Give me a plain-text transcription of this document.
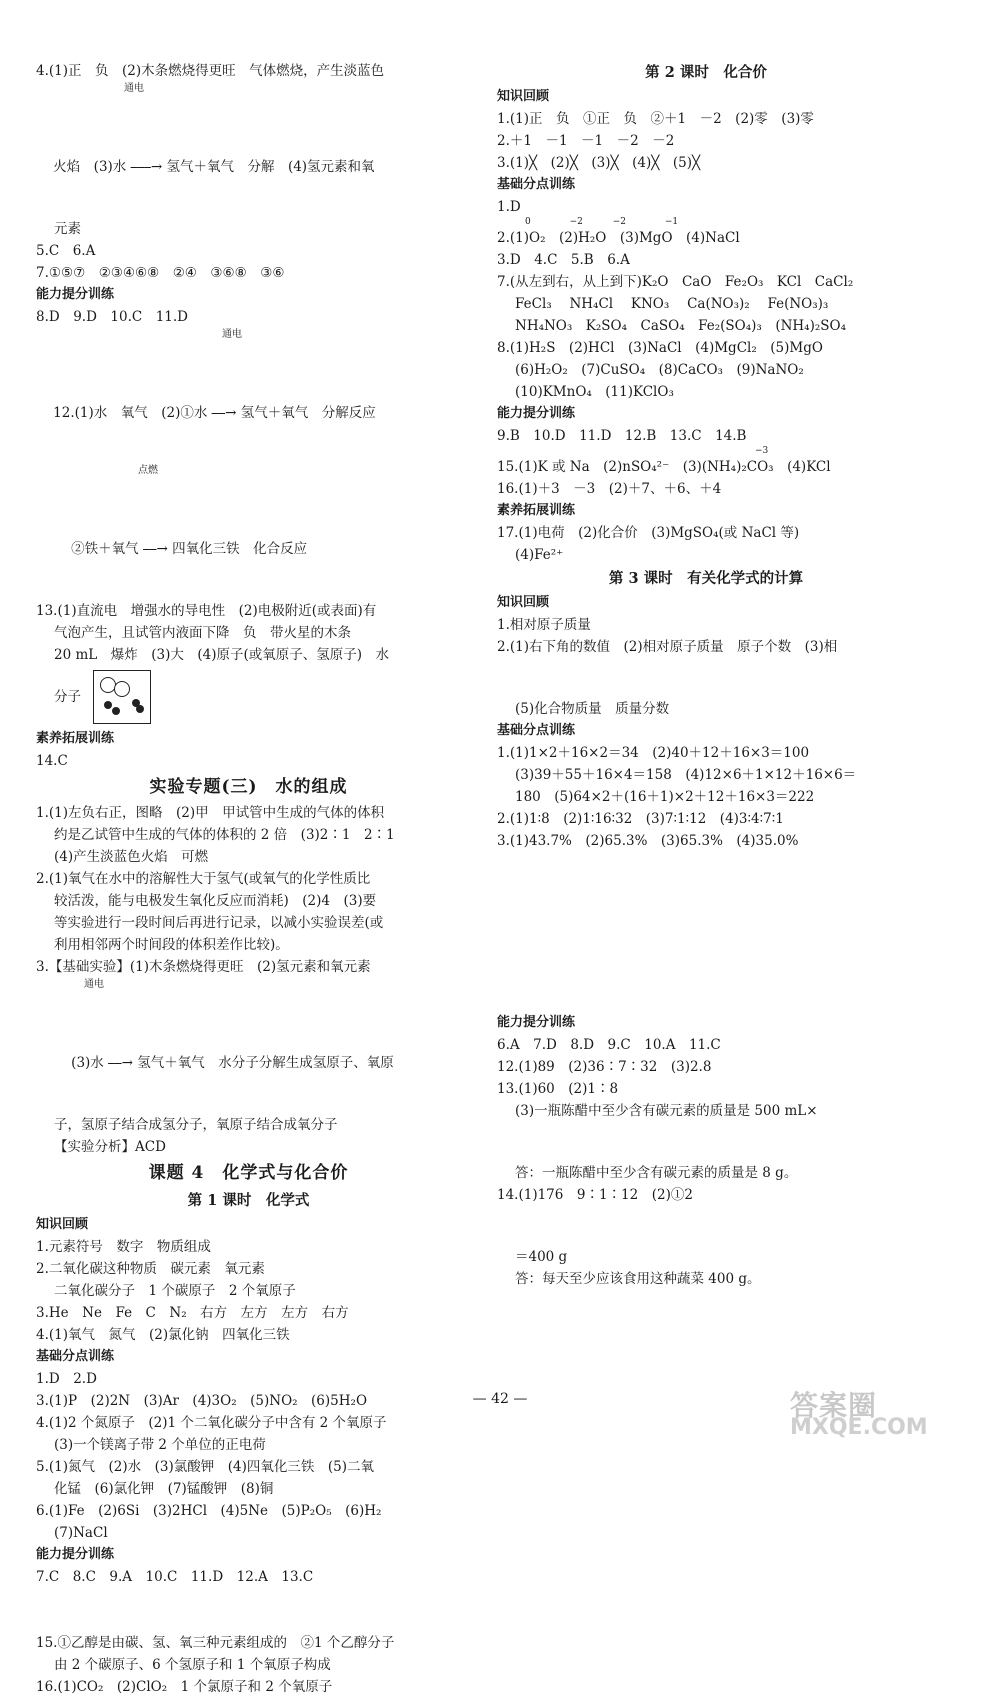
4.(1)正　负　(2)木条燃烧得更旺　气体燃烧，产生淡蓝色

通电

火焰　(3)水 ⎯⎯⎯→ 氢气＋氧气　分解　(4)氢元素和氧

元素
5.C　6.A
7.①⑤⑦　②③④⑥⑧　②④　③⑥⑧　③⑥
能力提分训练
8.D　9.D　10.C　11.D

通电

12.(1)水　氧气　(2)①水 ⎯⎯→ 氢气＋氧气　分解反应

点燃

②铁＋氧气 ⎯⎯→ 四氧化三铁　化合反应

13.(1)直流电　增强水的导电性　(2)电极附近(或表面)有
气泡产生，且试管内液面下降　负　带火星的木条
20 mL　爆炸　(3)大　(4)原子(或氧原子、氢原子)　水
分子
素养拓展训练
14.C
实验专题(三)　水的组成
1.(1)左负右正，图略　(2)甲　甲试管中生成的气体的体积
约是乙试管中生成的气体的体积的 2 倍　(3)2∶1　2∶1
(4)产生淡蓝色火焰　可燃
2.(1)氧气在水中的溶解性大于氢气(或氧气的化学性质比
较活泼，能与电极发生氧化反应而消耗)　(2)4　(3)要
等实验进行一段时间后再进行记录，以减小实验误差(或
利用相邻两个时间段的体积差作比较)。
3.【基础实验】(1)木条燃烧得更旺　(2)氢元素和氧元素

通电

(3)水 ⎯⎯→ 氢气＋氧气　水分子分解生成氢原子、氧原

子，氢原子结合成氢分子，氧原子结合成氧分子
【实验分析】ACD
课题 4　化学式与化合价
第 1 课时　化学式
知识回顾
1.元素符号　数字　物质组成
2.二氧化碳这种物质　碳元素　氧元素
二氧化碳分子　1 个碳原子　2 个氧原子
3.He　Ne　Fe　C　N₂　右方　左方　左方　右方
4.(1)氧气　氮气　(2)氯化钠　四氧化三铁
基础分点训练
1.D　2.D
3.(1)P　(2)2N　(3)Ar　(4)3O₂　(5)NO₂　(6)5H₂O
4.(1)2 个氮原子　(2)1 个二氧化碳分子中含有 2 个氧原子
(3)一个镁离子带 2 个单位的正电荷
5.(1)氮气　(2)水　(3)氯酸钾　(4)四氧化三铁　(5)二氧
化锰　(6)氯化钾　(7)锰酸钾　(8)铜
6.(1)Fe　(2)6Si　(3)2HCl　(4)5Ne　(5)P₂O₅　(6)H₂
(7)NaCl
能力提分训练
7.C　8.C　9.A　10.C　11.D　12.A　13.C

15.①乙醇是由碳、氢、氧三种元素组成的　②1 个乙醇分子
由 2 个碳原子、6 个氢原子和 1 个氧原子构成
16.(1)CO₂　(2)ClO₂　1 个氯原子和 2 个氧原子
第 2 课时　化合价
知识回顾
1.(1)正　负　①正　负　②＋1　－2　(2)零　(3)零
2.＋1　－1　－1　－2　－2
3.(1)╳　(2)╳　(3)╳　(4)╳　(5)╳
基础分点训练
1.D
0　　　　 −2　　　 −2　　　　 −1
2.(1)O₂　(2)H₂O　(3)MgO　(4)NaCl
3.D　4.C　5.B　6.A
7.(从左到右，从上到下)K₂O　CaO　Fe₂O₃　KCl　CaCl₂
FeCl₃　 NH₄Cl　 KNO₃　 Ca(NO₃)₂　 Fe(NO₃)₃
NH₄NO₃　K₂SO₄　CaSO₄　Fe₂(SO₄)₃　(NH₄)₂SO₄
8.(1)H₂S　(2)HCl　(3)NaCl　(4)MgCl₂　(5)MgO
(6)H₂O₂　(7)CuSO₄　(8)CaCO₃　(9)NaNO₂
(10)KMnO₄　(11)KClO₃
能力提分训练
9.B　10.D　11.D　12.B　13.C　14.B
−3
15.(1)K 或 Na　(2)nSO₄²⁻　(3)(NH₄)₂CO₃　(4)KCl
16.(1)＋3　－3　(2)＋7、＋6、＋4
素养拓展训练
17.(1)电荷　(2)化合价　(3)MgSO₄(或 NaCl 等)
(4)Fe²⁺
第 3 课时　有关化学式的计算
知识回顾
1.相对原子质量
2.(1)右下角的数值　(2)相对原子质量　原子个数　(3)相

(5)化合物质量　质量分数
基础分点训练
1.(1)1×2＋16×2＝34　(2)40＋12＋16×3＝100
(3)39＋55＋16×4＝158　(4)12×6＋1×12＋16×6＝
180　(5)64×2＋(16＋1)×2＋12＋16×3＝222
2.(1)1∶8　(2)1∶16∶32　(3)7∶1∶12　(4)3∶4∶7∶1
3.(1)43.7%　(2)65.3%　(3)65.3%　(4)35.0%

能力提分训练
6.A　7.D　8.D　9.C　10.A　11.C
12.(1)89　(2)36∶7∶32　(3)2.8
13.(1)60　(2)1∶8
(3)一瓶陈醋中至少含有碳元素的质量是 500 mL×

答：一瓶陈醋中至少含有碳元素的质量是 8 g。
14.(1)176　9∶1∶12　(2)①2

＝400 g
答：每天至少应该食用这种蔬菜 400 g。
— 42 —	答案圈
MXQE.COM
